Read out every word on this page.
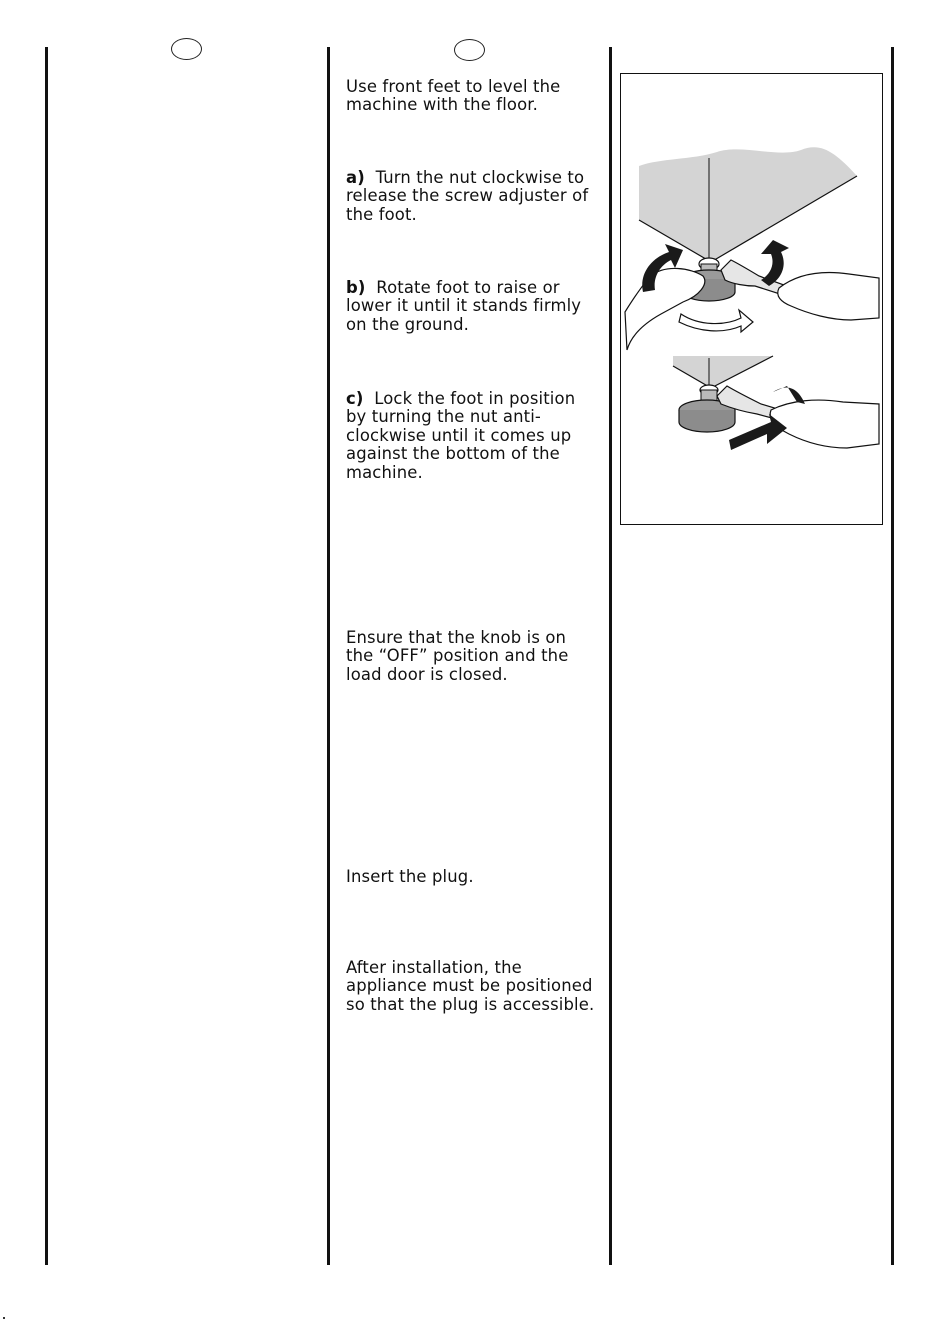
Use front feet to level the machine with the floor.

a) Turn the nut clockwise to release the screw adjuster of the foot.

b) Rotate foot to raise or lower it until it stands firmly on the ground.

c) Lock the foot in position by turning the nut anti-clockwise until it comes up against the bottom of the machine.

Ensure that the knob is on the “OFF” position and the load door is closed.

Insert the plug.

After installation, the appliance must be positioned so that the plug is accessible.
